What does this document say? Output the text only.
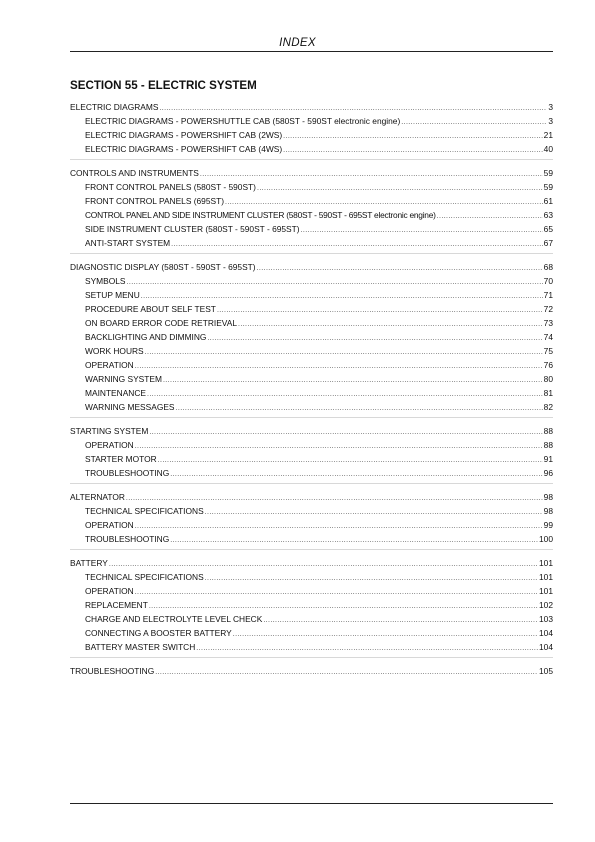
INDEX
SECTION 55 - ELECTRIC SYSTEM
ELECTRIC DIAGRAMS .....	3
ELECTRIC DIAGRAMS - POWERSHUTTLE CAB (580ST - 590ST electronic engine) .....	3
ELECTRIC DIAGRAMS - POWERSHIFT CAB (2WS) .....	21
ELECTRIC DIAGRAMS - POWERSHIFT CAB (4WS) .....	40
CONTROLS AND INSTRUMENTS .....	59
FRONT CONTROL PANELS (580ST - 590ST) .....	59
FRONT CONTROL PANELS (695ST) .....	61
CONTROL PANEL AND SIDE INSTRUMENT CLUSTER (580ST - 590ST - 695ST electronic engine) .....	63
SIDE INSTRUMENT CLUSTER (580ST - 590ST - 695ST) .....	65
ANTI-START SYSTEM .....	67
DIAGNOSTIC DISPLAY (580ST - 590ST - 695ST) .....	68
SYMBOLS .....	70
SETUP MENU .....	71
PROCEDURE ABOUT SELF TEST .....	72
ON BOARD ERROR CODE RETRIEVAL .....	73
BACKLIGHTING AND DIMMING .....	74
WORK HOURS .....	75
OPERATION .....	76
WARNING SYSTEM .....	80
MAINTENANCE .....	81
WARNING MESSAGES .....	82
STARTING SYSTEM .....	88
OPERATION .....	88
STARTER MOTOR .....	91
TROUBLESHOOTING .....	96
ALTERNATOR .....	98
TECHNICAL SPECIFICATIONS .....	98
OPERATION .....	99
TROUBLESHOOTING .....	100
BATTERY .....	101
TECHNICAL SPECIFICATIONS .....	101
OPERATION .....	101
REPLACEMENT .....	102
CHARGE AND ELECTROLYTE LEVEL CHECK .....	103
CONNECTING A BOOSTER BATTERY .....	104
BATTERY MASTER SWITCH .....	104
TROUBLESHOOTING .....	105
